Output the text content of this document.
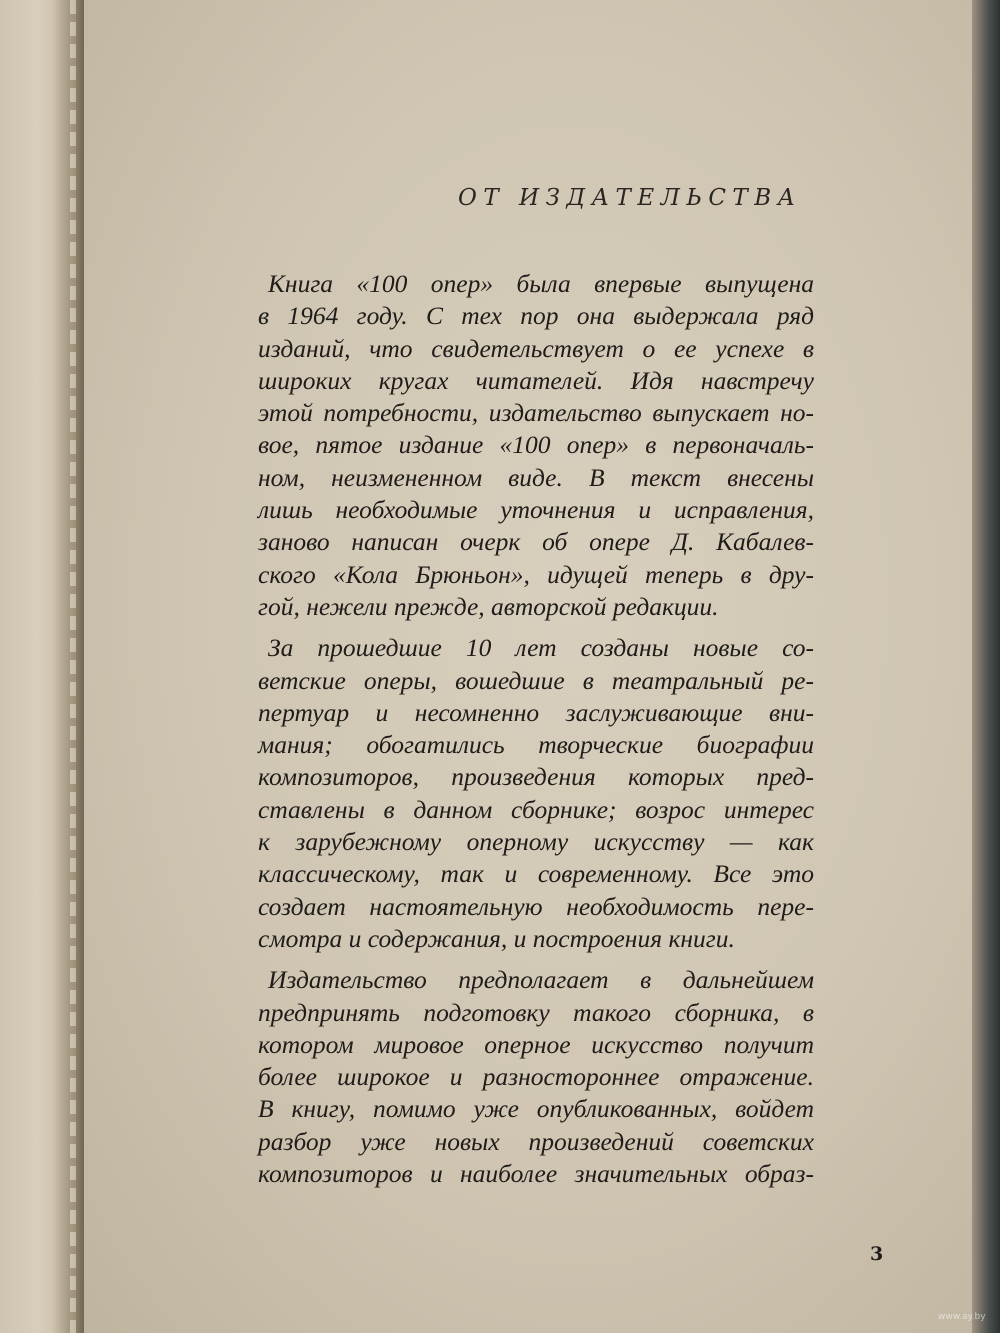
ОТ ИЗДАТЕЛЬСТВА

Книга «100 опер» была впервые выпущена
в 1964 году. С тех пор она выдержала ряд
изданий, что свидетельствует о ее успехе в
широких кругах читателей. Идя навстречу
этой потребности, издательство выпускает но-
вое, пятое издание «100 опер» в первоначаль-
ном, неизмененном виде. В текст внесены
лишь необходимые уточнения и исправления,
заново написан очерк об опере Д. Кабалев-
ского «Кола Брюньон», идущей теперь в дру-
гой, нежели прежде, авторской редакции.

За прошедшие 10 лет созданы новые со-
ветские оперы, вошедшие в театральный ре-
пертуар и несомненно заслуживающие вни-
мания; обогатились творческие биографии
композиторов, произведения которых пред-
ставлены в данном сборнике; возрос интерес
к зарубежному оперному искусству — как
классическому, так и современному. Все это
создает настоятельную необходимость пере-
смотра и содержания, и построения книги.

Издательство предполагает в дальнейшем
предпринять подготовку такого сборника, в
котором мировое оперное искусство получит
более широкое и разностороннее отражение.
В книгу, помимо уже опубликованных, войдет
разбор уже новых произведений советских
композиторов и наиболее значительных образ-

3
www.ay.by
